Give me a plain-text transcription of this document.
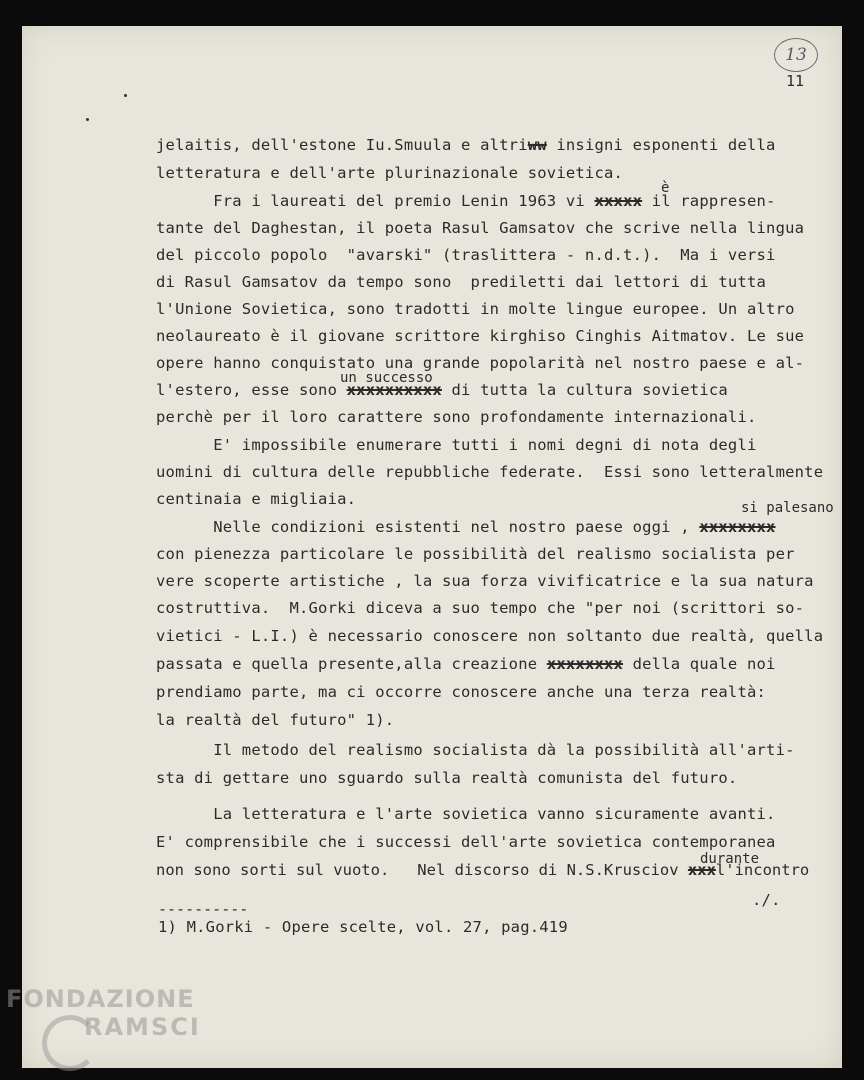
13
11
jelaitis, dell'estone Iu.Smuula e altriww insigni esponenti della
letteratura e dell'arte plurinazionale sovietica.
è
Fra i laureati del premio Lenin 1963 vi xxxxx il rappresen-
tante del Daghestan, il poeta Rasul Gamsatov che scrive nella lingua
del piccolo popolo  "avarski" (traslittera - n.d.t.).  Ma i versi
di Rasul Gamsatov da tempo sono  prediletti dai lettori di tutta
l'Unione Sovietica, sono tradotti in molte lingue europee. Un altro
neolaureato è il giovane scrittore kirghiso Cinghis Aitmatov. Le sue
opere hanno conquistato una grande popolarità nel nostro paese e al-
un successo
l'estero, esse sono xxxxxxxxxx di tutta la cultura sovietica
perchè per il loro carattere sono profondamente internazionali.
E' impossibile enumerare tutti i nomi degni di nota degli
uomini di cultura delle repubbliche federate.  Essi sono letteralmente
centinaia e migliaia.	si palesano
Nelle condizioni esistenti nel nostro paese oggi , xxxxxxxx
con pienezza particolare le possibilità del realismo socialista per
vere scoperte artistiche , la sua forza vivificatrice e la sua natura
costruttiva.  M.Gorki diceva a suo tempo che "per noi (scrittori so-
vietici - L.I.) è necessario conoscere non soltanto due realtà, quella
passata e quella presente,alla creazione xxxxxxxx della quale noi
prendiamo parte, ma ci occorre conoscere anche una terza realtà:
la realtà del futuro" 1).
Il metodo del realismo socialista dà la possibilità all'arti-
sta di gettare uno sguardo sulla realtà comunista del futuro.
La letteratura e l'arte sovietica vanno sicuramente avanti.
E' comprensibile che i successi dell'arte sovietica contemporanea
durante
non sono sorti sul vuoto.   Nel discorso di N.S.Krusciov xxxl'incontro
./.
----------
1) M.Gorki - Opere scelte, vol. 27, pag.419
FONDAZIONE
RAMSCI
